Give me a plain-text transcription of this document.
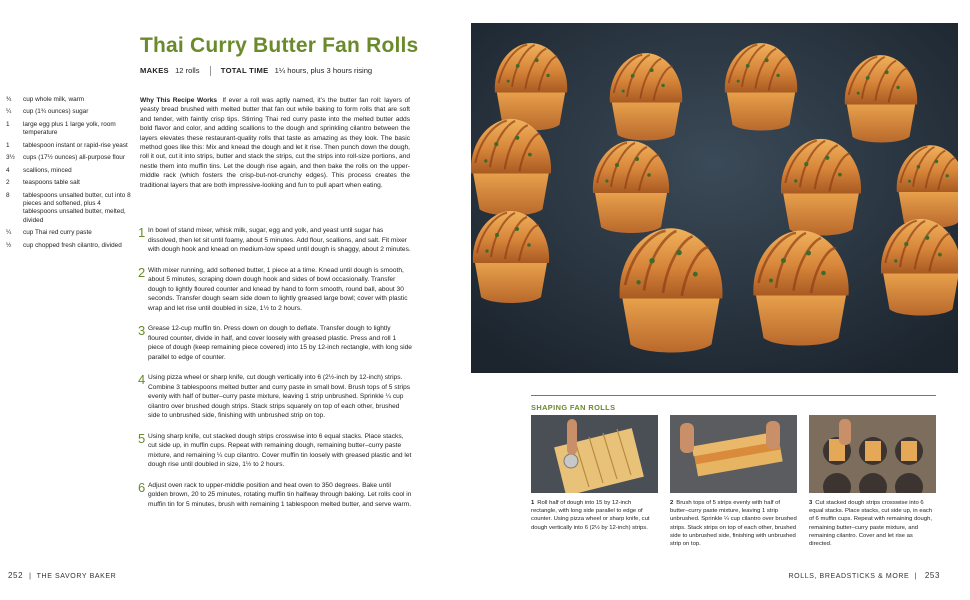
Thai Curry Butter Fan Rolls
MAKES 12 rolls	TOTAL TIME 1¼ hours, plus 3 hours rising
¾	cup whole milk, warm
¼	cup (1¾ ounces) sugar
1	large egg plus 1 large yolk, room temperature
1	tablespoon instant or rapid-rise yeast
3½	cups (17½ ounces) all-purpose flour
4	scallions, minced
2	teaspoons table salt
8	tablespoons unsalted butter, cut into 8 pieces and softened, plus 4 tablespoons unsalted butter, melted, divided
¼	cup Thai red curry paste
½	cup chopped fresh cilantro, divided
Why This Recipe Works If ever a roll was aptly named, it’s the butter fan roll: layers of yeasty bread brushed with melted butter that fan out while baking to form rolls that are soft and tender, with faintly crisp tips. Stirring Thai red curry paste into the melted butter adds bold flavor and color, and adding scallions to the dough and sprinkling cilantro between the layers elevates these restaurant-quality rolls that taste as amazing as they look. The basic method goes like this: Mix and knead the dough and let it rise. Then punch down the dough, roll it out, cut it into strips, butter and stack the strips, cut the strips into roll-size portions, and nestle them into muffin tins. Let the dough rise again, and then bake the rolls on the upper-middle rack (which fosters the crisp-but-not-crunchy edges). This process creates the traditional layers that are both impressive-looking and fun to pull apart when eating.
1 In bowl of stand mixer, whisk milk, sugar, egg and yolk, and yeast until sugar has dissolved, then let sit until foamy, about 5 minutes. Add flour, scallions, and salt. Fit mixer with dough hook and knead on medium-low speed until dough is shaggy, about 2 minutes.
2 With mixer running, add softened butter, 1 piece at a time. Knead until dough is smooth, about 5 minutes, scraping down dough hook and sides of bowl occasionally. Transfer dough to lightly floured counter and knead by hand to form smooth, round ball, about 30 seconds. Transfer dough seam side down to lightly greased large bowl; cover with plastic wrap and let rise until doubled in size, 1½ to 2 hours.
3 Grease 12-cup muffin tin. Press down on dough to deflate. Transfer dough to lightly floured counter, divide in half, and cover loosely with greased plastic. Press and roll 1 piece of dough (keep remaining piece covered) into 15 by 12-inch rectangle, with long side parallel to edge of counter.
4 Using pizza wheel or sharp knife, cut dough vertically into 6 (2½-inch by 12-inch) strips. Combine 3 tablespoons melted butter and curry paste in small bowl. Brush tops of 5 strips evenly with half of butter–curry paste mixture, leaving 1 strip unbrushed. Sprinkle ¼ cup cilantro over brushed dough strips. Stack strips squarely on top of each other, brushed side to unbrushed side, finishing with unbrushed strip on top.
5 Using sharp knife, cut stacked dough strips crosswise into 6 equal stacks. Place stacks, cut side up, in muffin cups. Repeat with remaining dough, remaining butter–curry paste mixture, and remaining ¼ cup cilantro. Cover muffin tin loosely with greased plastic and let dough rise until doubled in size, 1½ to 2 hours.
6 Adjust oven rack to upper-middle position and heat oven to 350 degrees. Bake until golden brown, 20 to 25 minutes, rotating muffin tin halfway through baking. Let rolls cool in muffin tin for 5 minutes, brush with remaining 1 tablespoon melted butter, and serve warm.
252 |  THE SAVORY BAKER
SHAPING FAN ROLLS
1 Roll half of dough into 15 by 12-inch rectangle, with long side parallel to edge of counter. Using pizza wheel or sharp knife, cut dough vertically into 6 (2½ by 12-inch) strips.
2 Brush tops of 5 strips evenly with half of butter–curry paste mixture, leaving 1 strip unbrushed. Sprinkle ¼ cup cilantro over brushed strips. Stack strips on top of each other, brushed side to unbrushed side, finishing with unbrushed strip on top.
3 Cut stacked dough strips crosswise into 6 equal stacks. Place stacks, cut side up, in each of 6 muffin cups. Repeat with remaining dough, remaining butter–curry paste mixture, and remaining cilantro. Cover and let rise as directed.
ROLLS, BREADSTICKS & MORE  | 253
